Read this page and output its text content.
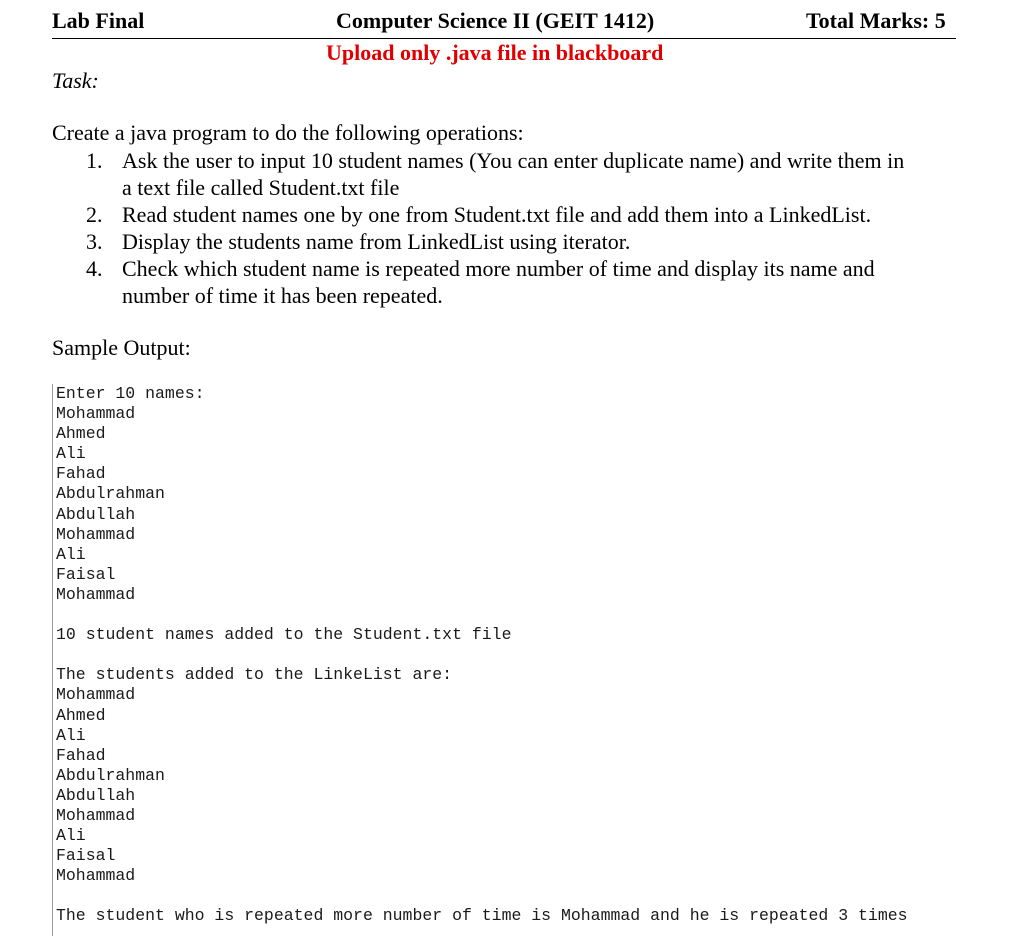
Lab Final	Computer Science II (GEIT 1412)	Total Marks: 5
Upload only .java file in blackboard
Task:
Create a java program to do the following operations:
1. Ask the user to input 10 student names (You can enter duplicate name) and write them in
a text file called Student.txt file
2. Read student names one by one from Student.txt file and add them into a LinkedList.
3. Display the students name from LinkedList using iterator.
4. Check which student name is repeated more number of time and display its name and
number of time it has been repeated.
Sample Output:
Enter 10 names:
Mohammad
Ahmed
Ali
Fahad
Abdulrahman
Abdullah
Mohammad
Ali
Faisal
Mohammad
10 student names added to the Student.txt file
The students added to the LinkeList are:
Mohammad
Ahmed
Ali
Fahad
Abdulrahman
Abdullah
Mohammad
Ali
Faisal
Mohammad
The student who is repeated more number of time is Mohammad and he is repeated 3 times
